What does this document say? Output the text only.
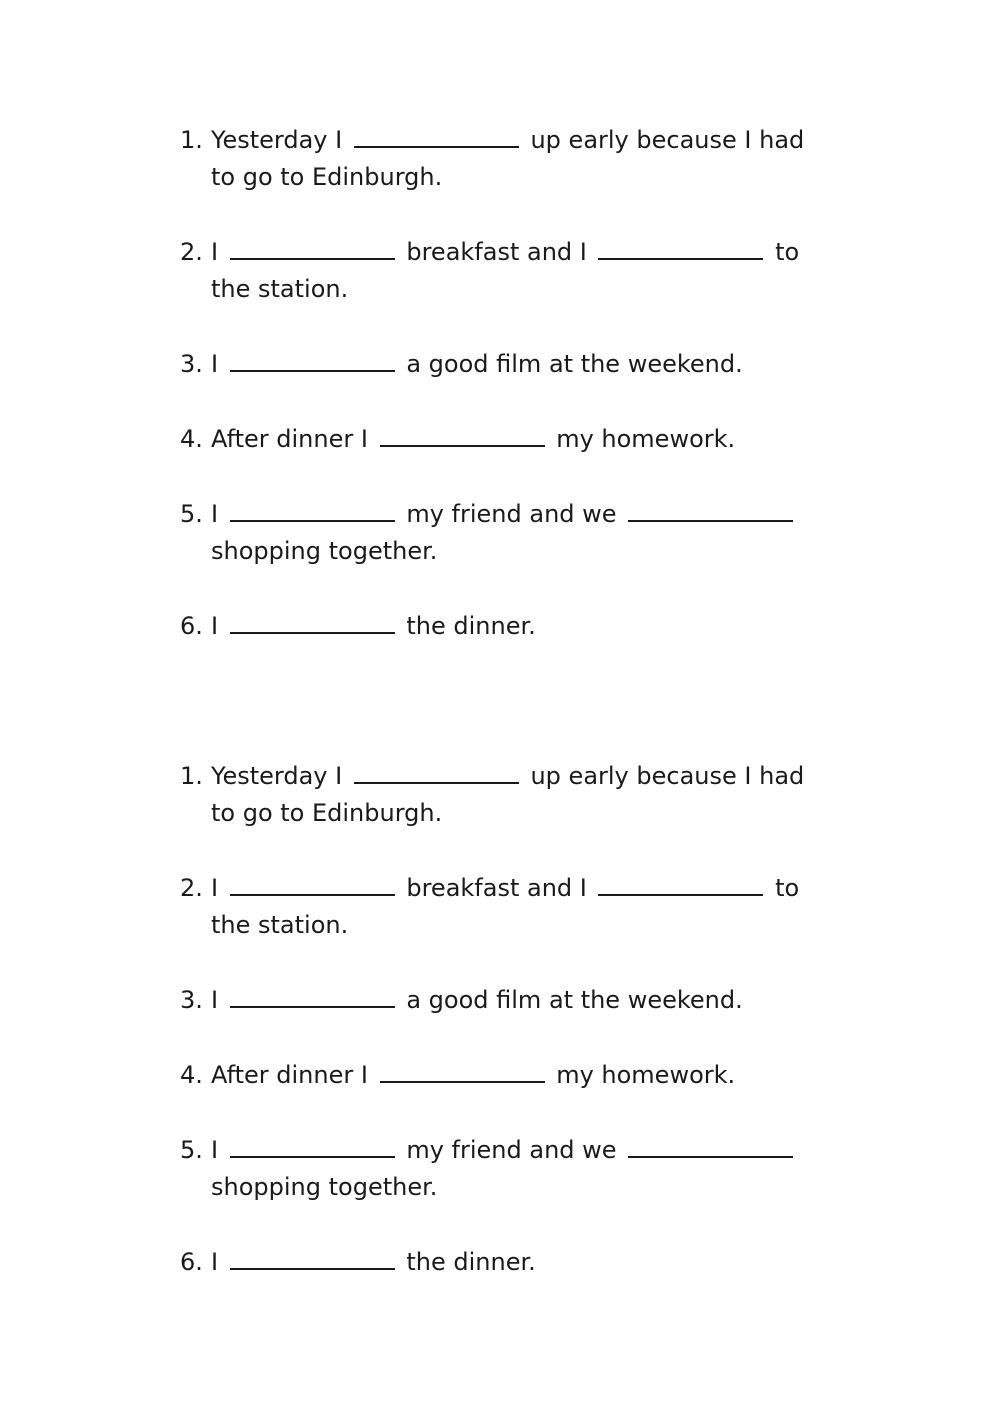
1. Yesterday I	up early because I had
to go to Edinburgh.
2. I	breakfast and I	to
the station.
3. I	a good film at the weekend.
4. After dinner I	my homework.
5. I	my friend and we
shopping together.
6. I	the dinner.
1. Yesterday I	up early because I had
to go to Edinburgh.
2. I	breakfast and I	to
the station.
3. I	a good film at the weekend.
4. After dinner I	my homework.
5. I	my friend and we
shopping together.
6. I	the dinner.
